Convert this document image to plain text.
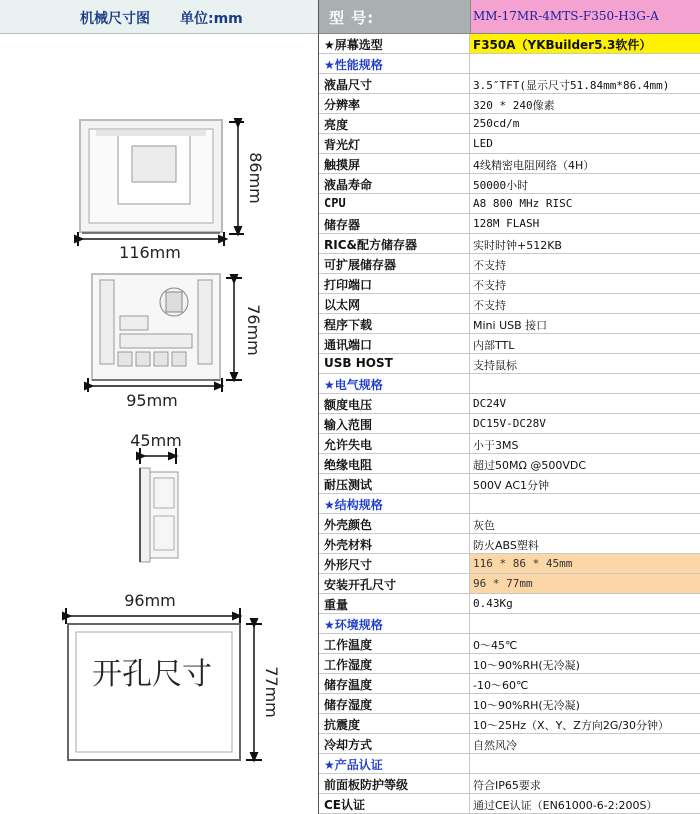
机械尺寸图 单位:mm
86mm
116mm
76mm
95mm
45mm
96mm
开孔尺寸	77mm
型 号:	MM-17MR-4MTS-F350-H3G-A
★屏幕选型	F350A（YKBuilder5.3软件）
★性能规格
液晶尺寸	3.5″TFT(显示尺寸51.84mm*86.4mm)
分辨率	320 * 240像素
亮度	250cd/m
背光灯	LED
触摸屏	4线精密电阻网络（4H）
液晶寿命	50000小时
CPU	A8 800 MHz RISC
储存器	128M FLASH
RIC&配方储存器	实时时钟+512KB
可扩展储存器	不支持
打印端口	不支持
以太网	不支持
程序下载	Mini USB 接口
通讯端口	内部TTL
USB HOST	支持鼠标
★电气规格
额度电压	DC24V
输入范围	DC15V-DC28V
允许失电	小于3MS
绝缘电阻	超过50MΩ @500VDC
耐压测试	500V AC1分钟
★结构规格
外壳颜色	灰色
外壳材料	防火ABS塑料
外形尺寸	116 * 86 * 45mm
安装开孔尺寸	96 * 77mm
重量	0.43Kg
★环境规格
工作温度	0～45℃
工作湿度	10～90%RH(无冷凝)
储存温度	-10～60℃
储存湿度	10～90%RH(无冷凝)
抗震度	10～25Hz（X、Y、Z方向2G/30分钟）
冷却方式	自然风冷
★产品认证
前面板防护等级	符合IP65要求
CE认证	通过CE认证（EN61000-6-2:200S）
